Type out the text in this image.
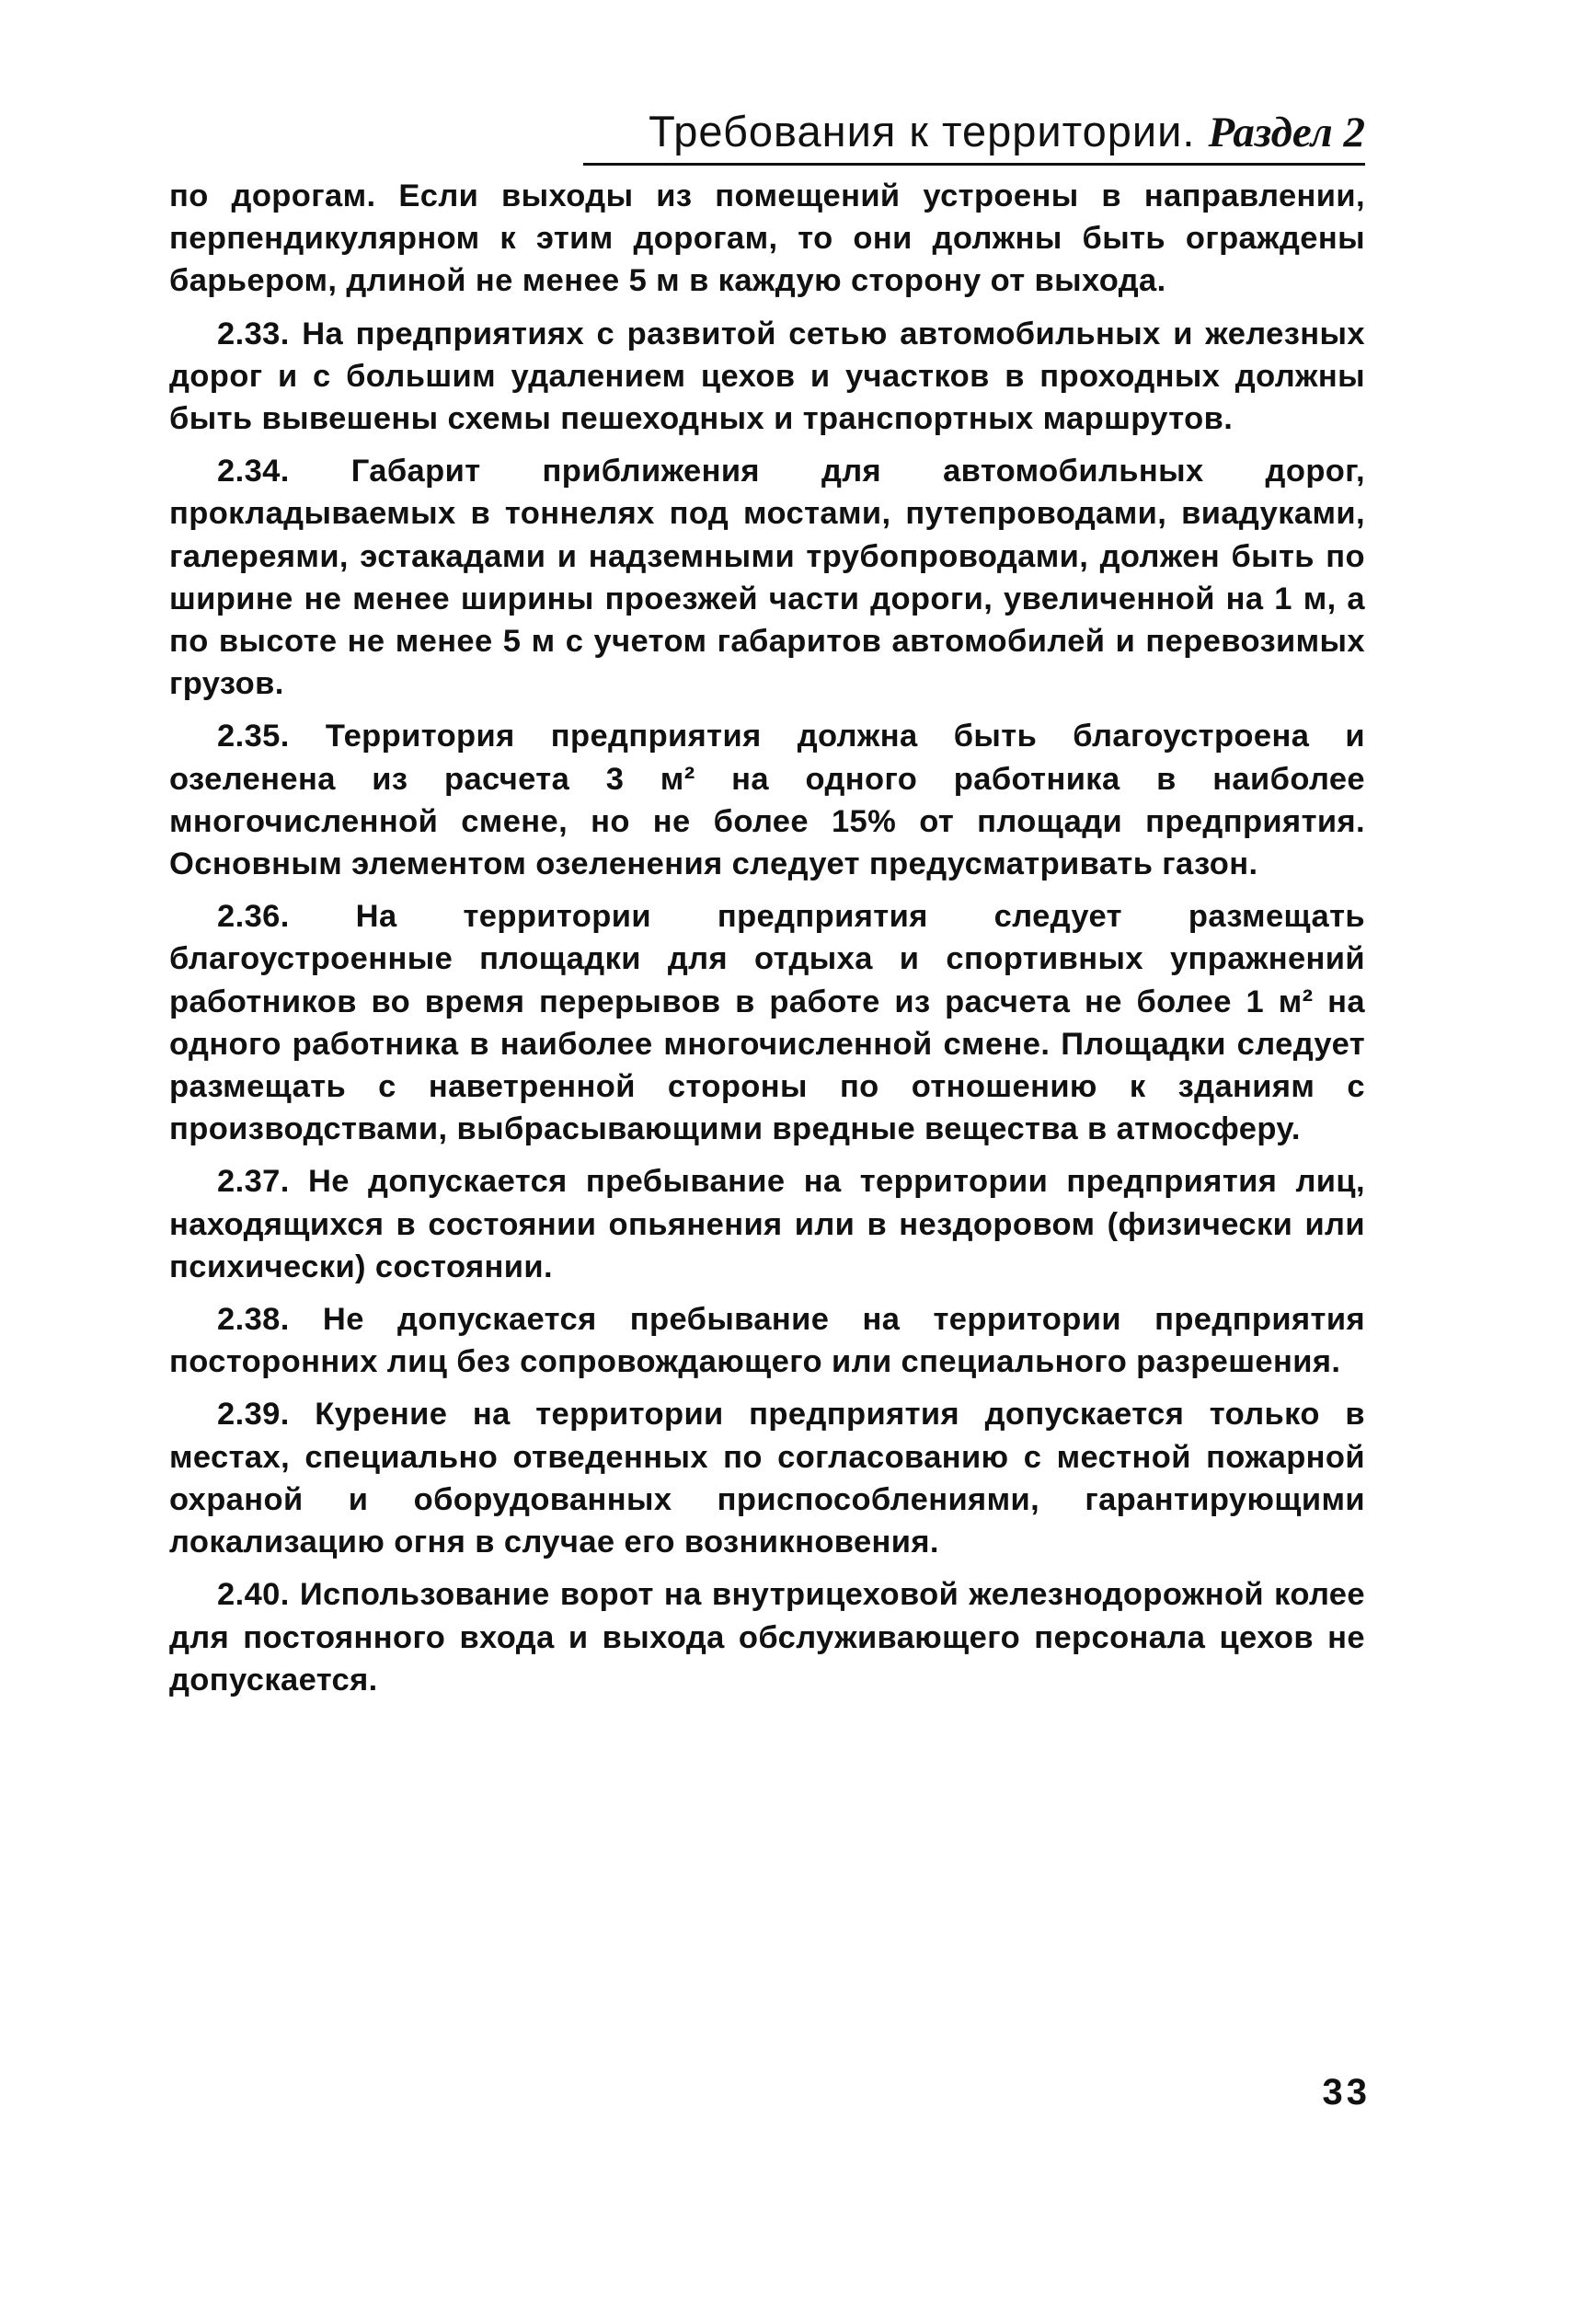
Требования к территории. Раздел 2

по дорогам. Если выходы из помещений устроены в направлении, перпендикулярном к этим дорогам, то они должны быть ограждены барьером, длиной не менее 5 м в каждую сторону от выхода.

2.33. На предприятиях с развитой сетью автомобильных и железных дорог и с большим удалением цехов и участков в проходных должны быть вывешены схемы пешеходных и транспортных маршрутов.

2.34. Габарит приближения для автомобильных дорог, прокладываемых в тоннелях под мостами, путепроводами, виадуками, галереями, эстакадами и надземными трубопроводами, должен быть по ширине не менее ширины проезжей части дороги, увеличенной на 1 м, а по высоте не менее 5 м с учетом габаритов автомобилей и перевозимых грузов.

2.35. Территория предприятия должна быть благоустроена и озеленена из расчета 3 м² на одного работника в наиболее многочисленной смене, но не более 15% от площади предприятия. Основным элементом озеленения следует предусматривать газон.

2.36. На территории предприятия следует размещать благоустроенные площадки для отдыха и спортивных упражнений работников во время перерывов в работе из расчета не более 1 м² на одного работника в наиболее многочисленной смене. Площадки следует размещать с наветренной стороны по отношению к зданиям с производствами, выбрасывающими вредные вещества в атмосферу.

2.37. Не допускается пребывание на территории предприятия лиц, находящихся в состоянии опьянения или в нездоровом (физически или психически) состоянии.

2.38. Не допускается пребывание на территории предприятия посторонних лиц без сопровождающего или специального разрешения.

2.39. Курение на территории предприятия допускается только в местах, специально отведенных по согласованию с местной пожарной охраной и оборудованных приспособлениями, гарантирующими локализацию огня в случае его возникновения.

2.40. Использование ворот на внутрицеховой железнодорожной колее для постоянного входа и выхода обслуживающего персонала цехов не допускается.

33
